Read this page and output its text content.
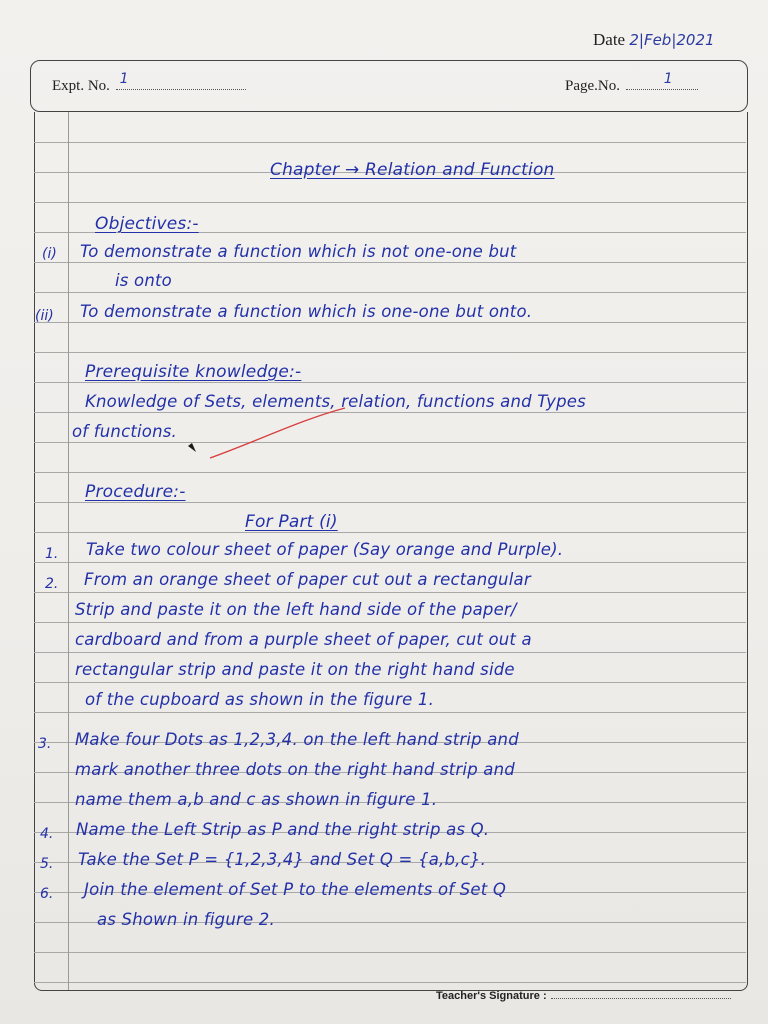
Date 2|Feb|2021
Expt. No. 1	Page.No.	1
Chapter → Relation and Function
Objectives:-
(i) To demonstrate a function which is not one-one but
is onto
(ii) To demonstrate a function which is one-one but onto.
Prerequisite knowledge:-
Knowledge of Sets, elements, relation, functions and Types
of functions.
Procedure:-
For Part (i)
1. Take two colour sheet of paper (Say orange and Purple).
2. From an orange sheet of paper cut out a rectangular
Strip and paste it on the left hand side of the paper/
cardboard and from a purple sheet of paper, cut out a
rectangular strip and paste it on the right hand side
of the cupboard as shown in the figure 1.
3. Make four Dots as 1,2,3,4. on the left hand strip and
mark another three dots on the right hand strip and
name them a,b and c as shown in figure 1.
4. Name the Left Strip as P and the right strip as Q.
5. Take the Set P = {1,2,3,4} and Set Q = {a,b,c}.
6. Join the element of Set P to the elements of Set Q
as Shown in figure 2.
Teacher's Signature :
